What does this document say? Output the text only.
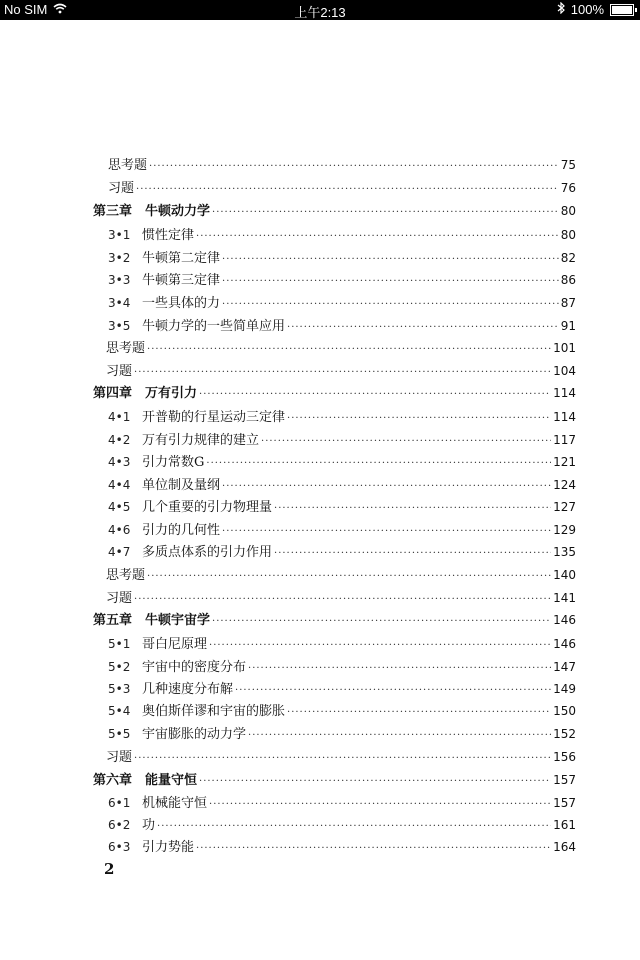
No SIM	上午2:13	100%
思考题 ·····	75
习题 ·····	76
第三章　牛顿动力学 ·····	80
3•1 惯性定律 ·····	80
3•2 牛顿第二定律 ·····	82
3•3 牛顿第三定律 ·····	86
3•4 一些具体的力 ·····	87
3•5 牛顿力学的一些简单应用 ·····	91
思考题 ·····	101
习题 ·····	104
第四章　万有引力 ·····	114
4•1 开普勒的行星运动三定律 ·····	114
4•2 万有引力规律的建立 ·····	117
4•3 引力常数G ·····	121
4•4 单位制及量纲 ·····	124
4•5 几个重要的引力物理量 ·····	127
4•6 引力的几何性 ·····	129
4•7 多质点体系的引力作用 ·····	135
思考题 ·····	140
习题 ·····	141
第五章　牛顿宇宙学 ·····	146
5•1 哥白尼原理 ·····	146
5•2 宇宙中的密度分布 ·····	147
5•3 几种速度分布解 ·····	149
5•4 奥伯斯佯谬和宇宙的膨胀 ·····	150
5•5 宇宙膨胀的动力学 ·····	152
习题 ·····	156
第六章　能量守恒 ·····	157
6•1 机械能守恒 ·····	157
6•2 功 ·····	161
6•3 引力势能 ·····	164
2
